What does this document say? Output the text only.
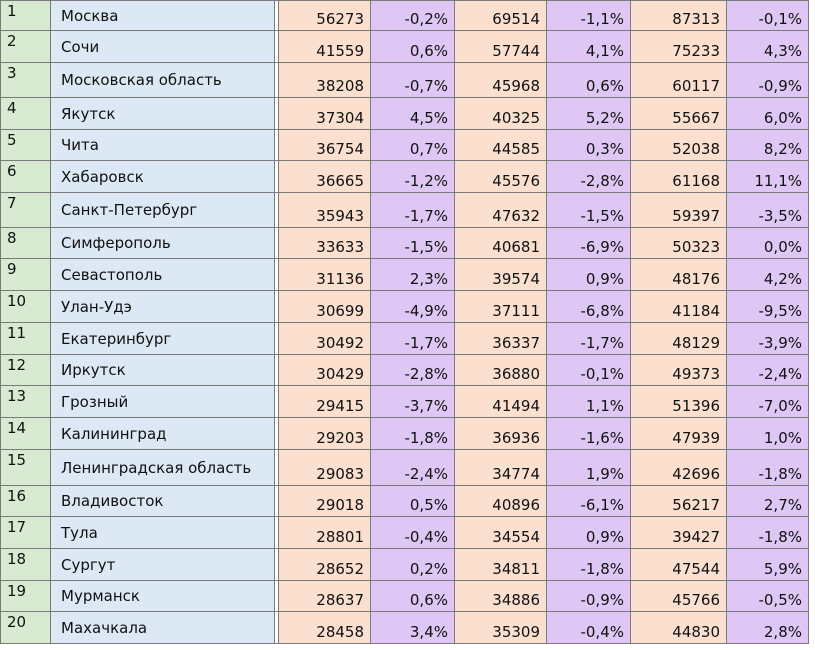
1	Москва		56273	-0,2%	69514	-1,1%	87313	-0,1%
2	Сочи		41559	0,6%	57744	4,1%	75233	4,3%
3	Московская область		38208	-0,7%	45968	0,6%	60117	-0,9%
4	Якутск		37304	4,5%	40325	5,2%	55667	6,0%
5	Чита		36754	0,7%	44585	0,3%	52038	8,2%
6	Хабаровск		36665	-1,2%	45576	-2,8%	61168	11,1%
7	Санкт-Петербург		35943	-1,7%	47632	-1,5%	59397	-3,5%
8	Симферополь		33633	-1,5%	40681	-6,9%	50323	0,0%
9	Севастополь		31136	2,3%	39574	0,9%	48176	4,2%
10	Улан-Удэ		30699	-4,9%	37111	-6,8%	41184	-9,5%
11	Екатеринбург		30492	-1,7%	36337	-1,7%	48129	-3,9%
12	Иркутск		30429	-2,8%	36880	-0,1%	49373	-2,4%
13	Грозный		29415	-3,7%	41494	1,1%	51396	-7,0%
14	Калининград		29203	-1,8%	36936	-1,6%	47939	1,0%
15	Ленинградская область		29083	-2,4%	34774	1,9%	42696	-1,8%
16	Владивосток		29018	0,5%	40896	-6,1%	56217	2,7%
17	Тула		28801	-0,4%	34554	0,9%	39427	-1,8%
18	Сургут		28652	0,2%	34811	-1,8%	47544	5,9%
19	Мурманск		28637	0,6%	34886	-0,9%	45766	-0,5%
20	Махачкала		28458	3,4%	35309	-0,4%	44830	2,8%
